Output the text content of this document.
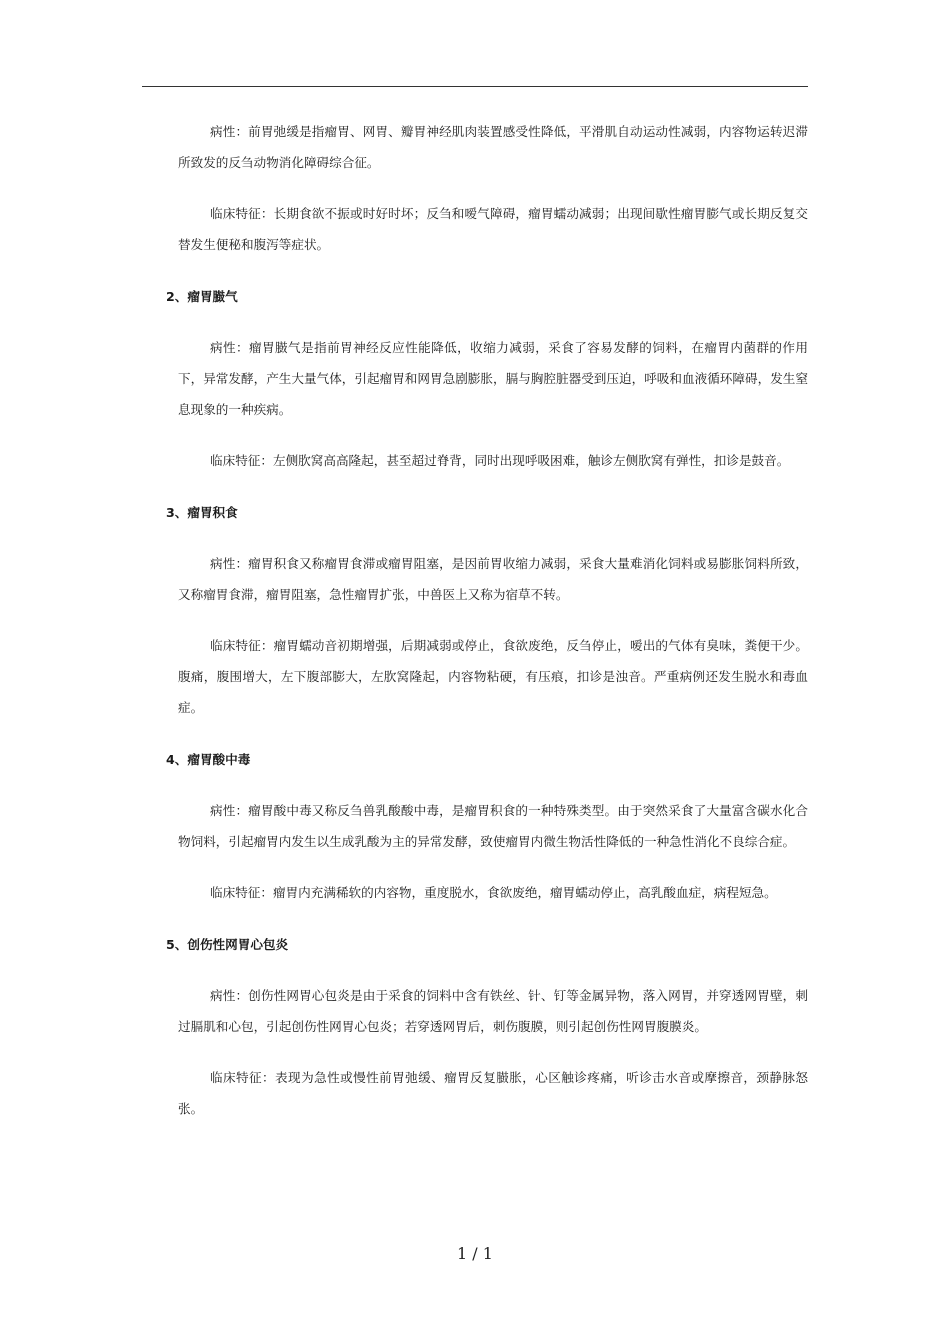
病性：前胃弛缓是指瘤胃、网胃、瓣胃神经肌肉装置感受性降低，平滑肌自动运动性减弱，内容物运转迟滞所致发的反刍动物消化障碍综合征。

临床特征：长期食欲不振或时好时坏；反刍和嗳气障碍，瘤胃蠕动减弱；出现间歇性瘤胃膨气或长期反复交替发生便秘和腹泻等症状。

2、瘤胃臌气

病性：瘤胃臌气是指前胃神经反应性能降低，收缩力减弱，采食了容易发酵的饲料，在瘤胃内菌群的作用下，异常发酵，产生大量气体，引起瘤胃和网胃急剧膨胀，膈与胸腔脏器受到压迫，呼吸和血液循环障碍，发生窒息现象的一种疾病。

临床特征：左侧肷窝高高隆起，甚至超过脊背，同时出现呼吸困难，触诊左侧肷窝有弹性，扣诊是鼓音。

3、瘤胃积食

病性：瘤胃积食又称瘤胃食滞或瘤胃阻塞，是因前胃收缩力减弱，采食大量难消化饲料或易膨胀饲料所致，又称瘤胃食滞，瘤胃阻塞，急性瘤胃扩张，中兽医上又称为宿草不转。

临床特征：瘤胃蠕动音初期增强，后期减弱或停止，食欲废绝，反刍停止，嗳出的气体有臭味，粪便干少。腹痛，腹围增大，左下腹部膨大，左肷窝隆起，内容物粘硬，有压痕，扣诊是浊音。严重病例还发生脱水和毒血症。

4、瘤胃酸中毒

病性：瘤胃酸中毒又称反刍兽乳酸酸中毒，是瘤胃积食的一种特殊类型。由于突然采食了大量富含碳水化合物饲料，引起瘤胃内发生以生成乳酸为主的异常发酵，致使瘤胃内微生物活性降低的一种急性消化不良综合症。

临床特征：瘤胃内充满稀软的内容物，重度脱水，食欲废绝，瘤胃蠕动停止，高乳酸血症，病程短急。

5、创伤性网胃心包炎

病性：创伤性网胃心包炎是由于采食的饲料中含有铁丝、针、钉等金属异物，落入网胃，并穿透网胃壁，刺过膈肌和心包，引起创伤性网胃心包炎；若穿透网胃后，刺伤腹膜，则引起创伤性网胃腹膜炎。

临床特征：表现为急性或慢性前胃弛缓、瘤胃反复臌胀，心区触诊疼痛，听诊击水音或摩擦音，颈静脉怒张。

1 / 1
